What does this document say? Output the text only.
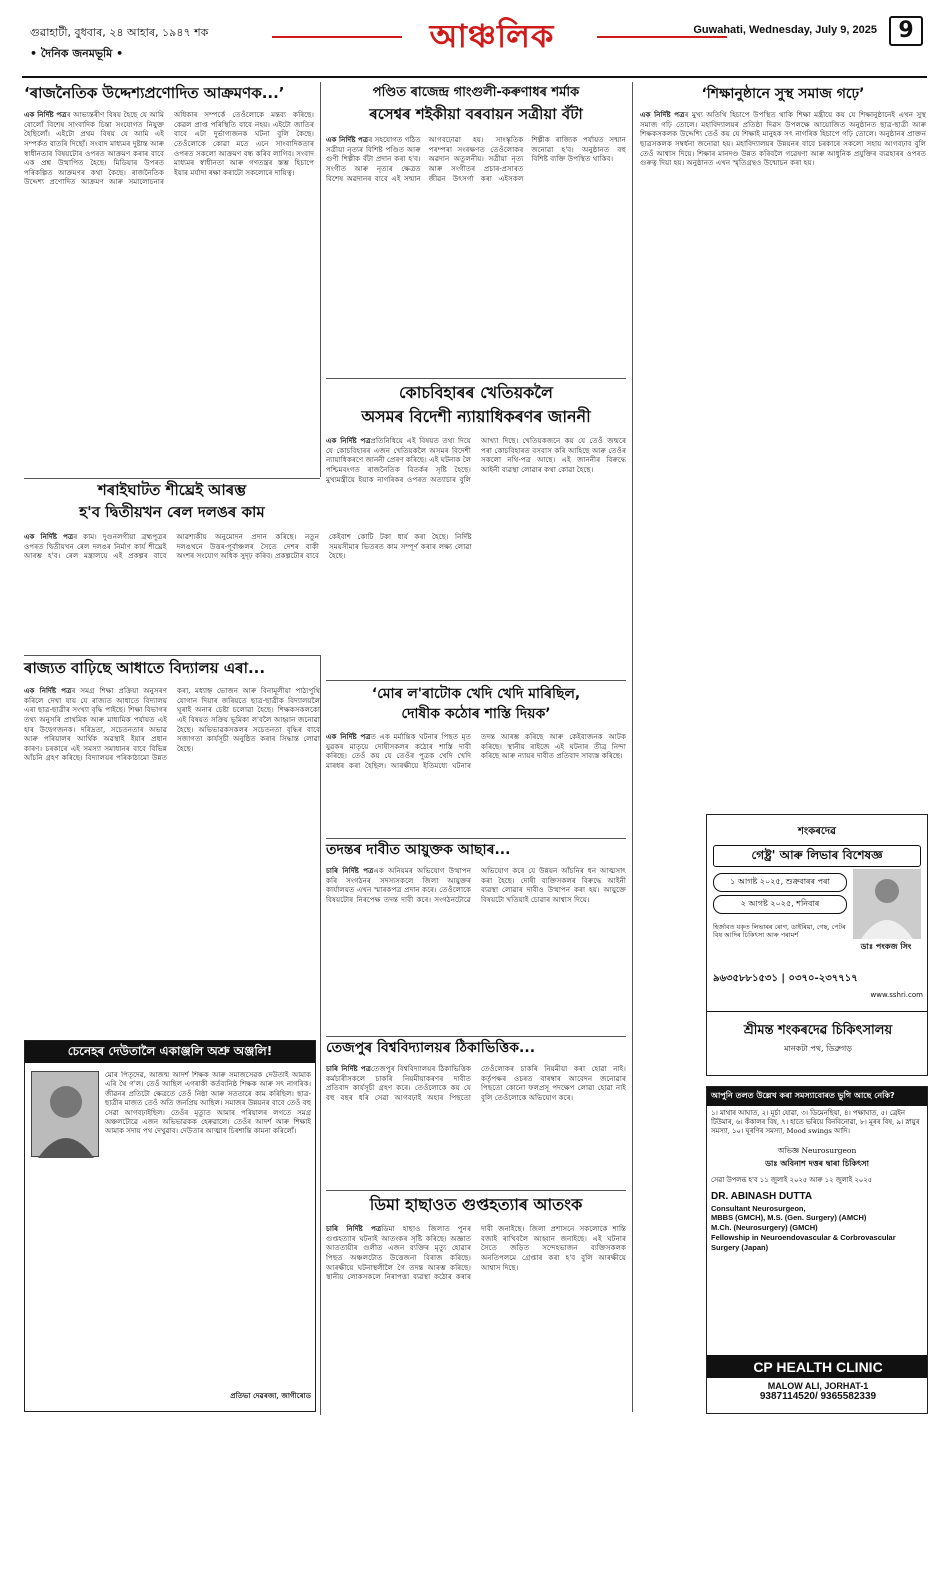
গুৱাহাটী, বুধবাৰ, ২৪ আহাৰ, ১৯৪৭ শক
• দৈনিক জনমভূমি •	আঞ্চলিক	Guwahati, Wednesday, July 9, 2025 9
‘ৰাজনৈতিক উদ্দেশ্যপ্ৰণোদিত আক্ৰমণক...’

এক নিৰ্দিষ্ট পত্ৰৰ আভ্যন্তৰীণ বিষয় হৈছে যে আমি বোলোঁ বিশেষ সাংবাদিক চিন্তা সংযোগত নিযুক্ত হৈছিলোঁ। এইটো প্ৰথম বিষয় যে আমি এই সম্পৰ্কত বাতৰি দিছোঁ। সংবাদ মাধ্যমৰ দুষ্টান্ত আৰু স্বাধীনতাৰ বিষয়টোৰ ওপৰত আক্ৰমণ কৰাৰ বাবে এক প্ৰশ্ন উত্থাপিত হৈছে। মিডিয়াৰ উপৰত পৰিকল্পিত আক্ৰমণৰ কথা কৈছে। ৰাজনৈতিক উদ্দেশ্য প্ৰণোদিত আক্ৰমণ আৰু সমালোচনাৰ অধিকাৰ সম্পৰ্কে তেওঁলোকে মন্তব্য কৰিছে। কেৱল প্ৰাপ্ত পৰিস্থিতি বাবে নহয়। এইটো জাতিৰ বাবে এটা দুৰ্ভাগ্যজনক ঘটনা বুলি কৈছে। তেওঁলোকে কোৱা মতে এনে সাংবাদিকতাৰ ওপৰত সকলো আক্ৰমণ বন্ধ কৰিব লাগিব। সংবাদ মাধ্যমৰ স্বাধীনতা আৰু গণতন্ত্ৰৰ স্তম্ভ হিচাপে ইয়াৰ মৰ্যাদা ৰক্ষা কৰাটো সকলোৰে দায়িত্ব।

পণ্ডিত ৰাজেন্দ্ৰ গাংগুলী-কৰুণাধৰ শৰ্মাক
ৰসেশ্বৰ শইকীয়া বৰবায়ন সত্ৰীয়া বঁটা

এক নিৰ্দিষ্ট পত্ৰৰ সহযোগত গঠিত সত্ৰীয়া নৃত্যৰ বিশিষ্ট পণ্ডিত আৰু গুণী শিল্পীক বঁটা প্ৰদান কৰা হ'ব। সংগীত আৰু নৃত্যৰ ক্ষেত্ৰত বিশেষ অৱদানৰ বাবে এই সন্মান আগবঢ়োৱা হয়। সাংস্কৃতিক পৰম্পৰা সংৰক্ষণত তেওঁলোকৰ অৱদান অতুলনীয়। সত্ৰীয়া নৃত্য আৰু সংগীতৰ প্ৰচাৰ-প্ৰসাৰত জীৱন উৎসৰ্গা কৰা এইসকল শিল্পীক ৰাজ্যিক পৰ্যায়ত সন্মান জনোৱা হ'ব। অনুষ্ঠানত বহু বিশিষ্ট ব্যক্তি উপস্থিত থাকিব।

‘শিক্ষানুষ্ঠানে সুস্থ সমাজ গঢ়ে’

এক নিৰ্দিষ্ট পত্ৰৰ মুখ্য অতিথি হিচাপে উপস্থিত থাকি শিক্ষা মন্ত্ৰীয়ে কয় যে শিক্ষানুষ্ঠানেই এখন সুস্থ সমাজ গঢ়ি তোলে। মহাবিদ্যালয়ৰ প্ৰতিষ্ঠা দিৱস উপলক্ষে আয়োজিত অনুষ্ঠানত ছাত্ৰ-ছাত্ৰী আৰু শিক্ষকসকলক উদ্দেশ্যি তেওঁ কয় যে শিক্ষাই মানুহক সৎ নাগৰিক হিচাপে গঢ়ি তোলে। অনুষ্ঠানৰ প্ৰাক্তন ছাত্ৰসকলক সম্বৰ্ধনা জনোৱা হয়। মহাবিদ্যালয়ৰ উন্নয়নৰ বাবে চৰকাৰে সকলো সহায় আগবঢ়াব বুলি তেওঁ আশ্বাস দিয়ে। শিক্ষাৰ মানদণ্ড উন্নত কৰিবলৈ গৱেষণা আৰু আধুনিক প্ৰযুক্তিৰ ব্যৱহাৰৰ ওপৰত গুৰুত্ব দিয়া হয়। অনুষ্ঠানত এখন স্মৃতিগ্ৰন্থও উন্মোচন কৰা হয়।

কোচবিহাৰৰ খেতিয়কলৈ
অসমৰ বিদেশী ন্যায়াধিকৰণৰ জাননী

এক নিৰ্দিষ্ট পত্ৰপ্ৰতিনিধিয়ে এই বিষয়ত তথ্য দিয়ে যে কোচবিহাৰৰ এজন খেতিয়কলৈ অসমৰ বিদেশী ন্যায়াধিকৰণে জাননী প্ৰেৰণ কৰিছে। এই ঘটনাক লৈ পশ্চিমবংগত ৰাজনৈতিক বিতৰ্কৰ সৃষ্টি হৈছে। মুখ্যমন্ত্ৰীয়ে ইয়াক নাগৰিকৰ ওপৰত অত্যাচাৰ বুলি আখ্যা দিছে। খেতিয়কজনে কয় যে তেওঁ জন্মৰে পৰা কোচবিহাৰত বসবাস কৰি আহিছে আৰু তেওঁৰ সকলো নথি-পত্ৰ আছে। এই জাননীৰ বিৰুদ্ধে আইনী ব্যৱস্থা লোৱাৰ কথা কোৱা হৈছে।

শৰাইঘাটত শীঘ্ৰেই আৰম্ভ
হ'ব দ্বিতীয়খন ৰেল দলঙৰ কাম

এক নিৰ্দিষ্ট পত্ৰৰ কাম। দুগুনলগীয়া ব্ৰহ্মপুত্ৰৰ ওপৰত দ্বিতীয়খন ৰেল দলঙৰ নিৰ্মাণ কাৰ্য শীঘ্ৰেই আৰম্ভ হ'ব। ৰেল মন্ত্ৰালয়ে এই প্ৰকল্পৰ বাবে আৱশ্যকীয় অনুমোদন প্ৰদান কৰিছে। নতুন দলঙখনে উত্তৰ-পূৰ্বাঞ্চলৰ সৈতে দেশৰ বাকী অংশৰ সংযোগ অধিক সুদৃঢ় কৰিব। প্ৰকল্পটোৰ বাবে কেইবাশ কোটি টকা ধাৰ্য কৰা হৈছে। নিৰ্দিষ্ট সময়সীমাৰ ভিতৰত কাম সম্পূৰ্ণ কৰাৰ লক্ষ্য লোৱা হৈছে।

‘মোৰ ল'ৰাটোক খেদি খেদি মাৰিছিল,
দোষীক কঠোৰ শাস্তি দিয়ক’

এক নিৰ্দিষ্ট পত্ৰত এক মৰ্মান্তিক ঘটনাৰ পিছত মৃত যুৱকৰ মাতৃয়ে দোষীসকলৰ কঠোৰ শাস্তি দাবী কৰিছে। তেওঁ কয় যে তেওঁৰ পুত্ৰক খেদি খেদি মাৰধৰ কৰা হৈছিল। আৰক্ষীয়ে ইতিমধ্যে ঘটনাৰ তদন্ত আৰম্ভ কৰিছে আৰু কেইবাজনক আটক কৰিছে। স্থানীয় ৰাইজে এই ঘটনাৰ তীব্ৰ নিন্দা কৰিছে আৰু ন্যায়ৰ দাবীত প্ৰতিবাদ সাব্যস্ত কৰিছে।

ৰাজ্যত বাঢ়িছে আধাতে বিদ্যালয় এৰা...

এক নিৰ্দিষ্ট পত্ৰৰ সমগ্ৰ শিক্ষা প্ৰক্ৰিয়া অনুসৰণ কৰিলে দেখা যায় যে ৰাজ্যত আধাতে বিদ্যালয় এৰা ছাত্ৰ-ছাত্ৰীৰ সংখ্যা বৃদ্ধি পাইছে। শিক্ষা বিভাগৰ তথ্য অনুসৰি প্ৰাথমিক আৰু মাধ্যমিক পৰ্যায়ত এই হাৰ উদ্বেগজনক। দৰিদ্ৰতা, সচেতনতাৰ অভাৱ আৰু পৰিয়ালৰ আৰ্থিক অৱস্থাই ইয়াৰ প্ৰধান কাৰণ। চৰকাৰে এই সমস্যা সমাধানৰ বাবে বিভিন্ন আঁচনি গ্ৰহণ কৰিছে। বিদ্যালয়ৰ পৰিকাঠামো উন্নত কৰা, মধ্যাহ্ন ভোজন আৰু বিনামূলীয়া পাঠ্যপুথি যোগান দিয়াৰ জৰিয়তে ছাত্ৰ-ছাত্ৰীক বিদ্যালয়লৈ ঘূৰাই অনাৰ চেষ্টা চলোৱা হৈছে। শিক্ষকসকলকো এই বিষয়ত সক্ৰিয় ভূমিকা ল'বলৈ আহ্বান জনোৱা হৈছে। অভিভাৱকসকলৰ সচেতনতা বৃদ্ধিৰ বাবে সজাগতা কাৰ্যসূচী অনুষ্ঠিত কৰাৰ সিদ্ধান্ত লোৱা হৈছে।

তদন্তৰ দাবীত আয়ুক্তক আছাৰ...

চাৰি নিৰ্দিষ্ট পত্ৰএক অনিয়মৰ অভিযোগ উত্থাপন কৰি সংগঠনৰ সদস্যসকলে জিলা আয়ুক্তৰ কাৰ্যালয়ত এখন স্মাৰকপত্ৰ প্ৰদান কৰে। তেওঁলোকে বিষয়টোৰ নিৰপেক্ষ তদন্ত দাবী কৰে। সংগঠনটোৱে অভিযোগ কৰে যে উন্নয়ন আঁচনিৰ ধন আত্মসাৎ কৰা হৈছে। দোষী ব্যক্তিসকলৰ বিৰুদ্ধে আইনী ব্যৱস্থা লোৱাৰ দাবীও উত্থাপন কৰা হয়। আয়ুক্তে বিষয়টো খতিয়াই চোৱাৰ আশ্বাস দিয়ে।

চেনেহৰ দেউতালৈ একাঞ্জলি অশ্ৰু অঞ্জলি!
মোৰ পিতৃদেৱ, আজন্ম আদৰ্শ শিক্ষক আৰু সমাজসেৱক দেউতাই আমাক এৰি থৈ গ'ল। তেওঁ আছিল এগৰাকী কৰ্তব্যনিষ্ঠ শিক্ষক আৰু সৎ নাগৰিক। জীৱনৰ প্ৰতিটো ক্ষেত্ৰতে তেওঁ নিষ্ঠা আৰু সততাৰে কাম কৰিছিল। ছাত্ৰ-ছাত্ৰীৰ মাজত তেওঁ অতি জনপ্ৰিয় আছিল। সমাজৰ উন্নয়নৰ বাবে তেওঁ বহু সেৱা আগবঢ়াইছিল। তেওঁৰ মৃত্যুত আমাৰ পৰিয়ালৰ লগতে সমগ্ৰ অঞ্চলটোৱে এজন অভিভাৱকক হেৰুৱালে। তেওঁৰ আদৰ্শ আৰু শিক্ষাই আমাক সদায় পথ দেখুৱাব। দেউতাৰ আত্মাৰ চিৰশান্তি কামনা কৰিলোঁ।
প্ৰতিভা দেৱৰজা, জাগীৰোড
তেজপুৰ বিশ্ববিদ্যালয়ৰ ঠিকাভিত্তিক...

চাৰি নিৰ্দিষ্ট পত্ৰতেজপুৰ বিশ্ববিদ্যালয়ৰ ঠিকাভিত্তিক কৰ্মচাৰীসকলে চাকৰি নিয়মীয়াকৰণৰ দাবীত প্ৰতিবাদ কাৰ্যসূচী গ্ৰহণ কৰে। তেওঁলোকে কয় যে বহু বছৰ ধৰি সেৱা আগবঢ়াই অহাৰ পিছতো তেওঁলোকৰ চাকৰি নিয়মীয়া কৰা হোৱা নাই। কৰ্তৃপক্ষৰ ওচৰত বাৰম্বাৰ আবেদন জনোৱাৰ পিছতো কোনো ফলপ্ৰসূ পদক্ষেপ লোৱা হোৱা নাই বুলি তেওঁলোকে অভিযোগ কৰে।

ডিমা হাছাওত গুপ্তহত্যাৰ আতংক

চাৰি নিৰ্দিষ্ট পত্ৰডিমা হাছাও জিলাত পুনৰ গুপ্তহত্যাৰ ঘটনাই আতংকৰ সৃষ্টি কৰিছে। অজ্ঞাত আততায়ীৰ গুলীত এজন ব্যক্তিৰ মৃত্যু হোৱাৰ পিছত অঞ্চলটোত উত্তেজনা বিৰাজ কৰিছে। আৰক্ষীয়ে ঘটনাস্থলীলৈ গৈ তদন্ত আৰম্ভ কৰিছে। স্থানীয় লোকসকলে নিৰাপত্তা ব্যৱস্থা কঠোৰ কৰাৰ দাবী জনাইছে। জিলা প্ৰশাসনে সকলোকে শান্তি বজাই ৰাখিবলৈ আহ্বান জনাইছে। এই ঘটনাৰ সৈতে জড়িত সন্দেহভাজন ব্যক্তিসকলক অনতিপলমে গ্ৰেপ্তাৰ কৰা হ'ব বুলি আৰক্ষীয়ে আশ্বাস দিছে।

শংকৰদেৱ
গেষ্ট্ৰ' আৰু লিভাৰ বিশেষজ্ঞ
১ আগষ্ট ২০২৫, শুক্ৰবাৰৰ পৰা
২ আগষ্ট ২০২৫, শনিবাৰ
হিৰ্জাবত যকৃত লিভাৰৰ ৰোগ, ডাইৰিয়া, গেছ, পেটৰ বিষ আদিৰ চিকিৎসা আৰু পৰামৰ্শ
ডাঃ পংকজ সিং
৯৬৩৫৮৮১৫৩১ | ০৩৭০-২৩৭৭১৭
www.sshri.com
শ্ৰীমন্ত শংকৰদেৱ চিকিৎসালয়
মানকটা পথ, ডিব্ৰুগড়
আপুনি তলত উল্লেখ কৰা সমস্যাবোৰত ভুগি আছে নেকি?
১। মাথাৰ আঘাত, ২। মূৰ্চা যোৱা, ৩। ডিমেনছিয়া, ৪। পক্ষাঘাত, ৫। ব্ৰেইন টিউমাৰ, ৬। কঁকালৰ বিষ, ৭। হাতে ভৰিয়ে বিনবিনোৱা, ৮। মূৰৰ বিষ, ৯। স্নায়ুৰ সমস্যা, ১০। ঘূৰণিৰ সমস্যা, Mood swings আদি।
অভিজ্ঞ Neurosurgeon
ডাঃ অবিনাশ দত্তৰ দ্বাৰা চিকিৎসা
সেৱা উপলব্ধ হ'ব ১১ জুলাই ২০২৫ আৰু ১২ জুলাই ২০২৫
DR. ABINASH DUTTA
Consultant Neurosurgeon,
MBBS (GMCH), M.S. (Gen. Surgery) (AMCH)
M.Ch. (Neurosurgery) (GMCH)
Fellowship in Neuroendovascular & Corbrovascular Surgery (Japan)
CP HEALTH CLINIC
MALOW ALI, JORHAT-1
9387114520/ 9365582339
